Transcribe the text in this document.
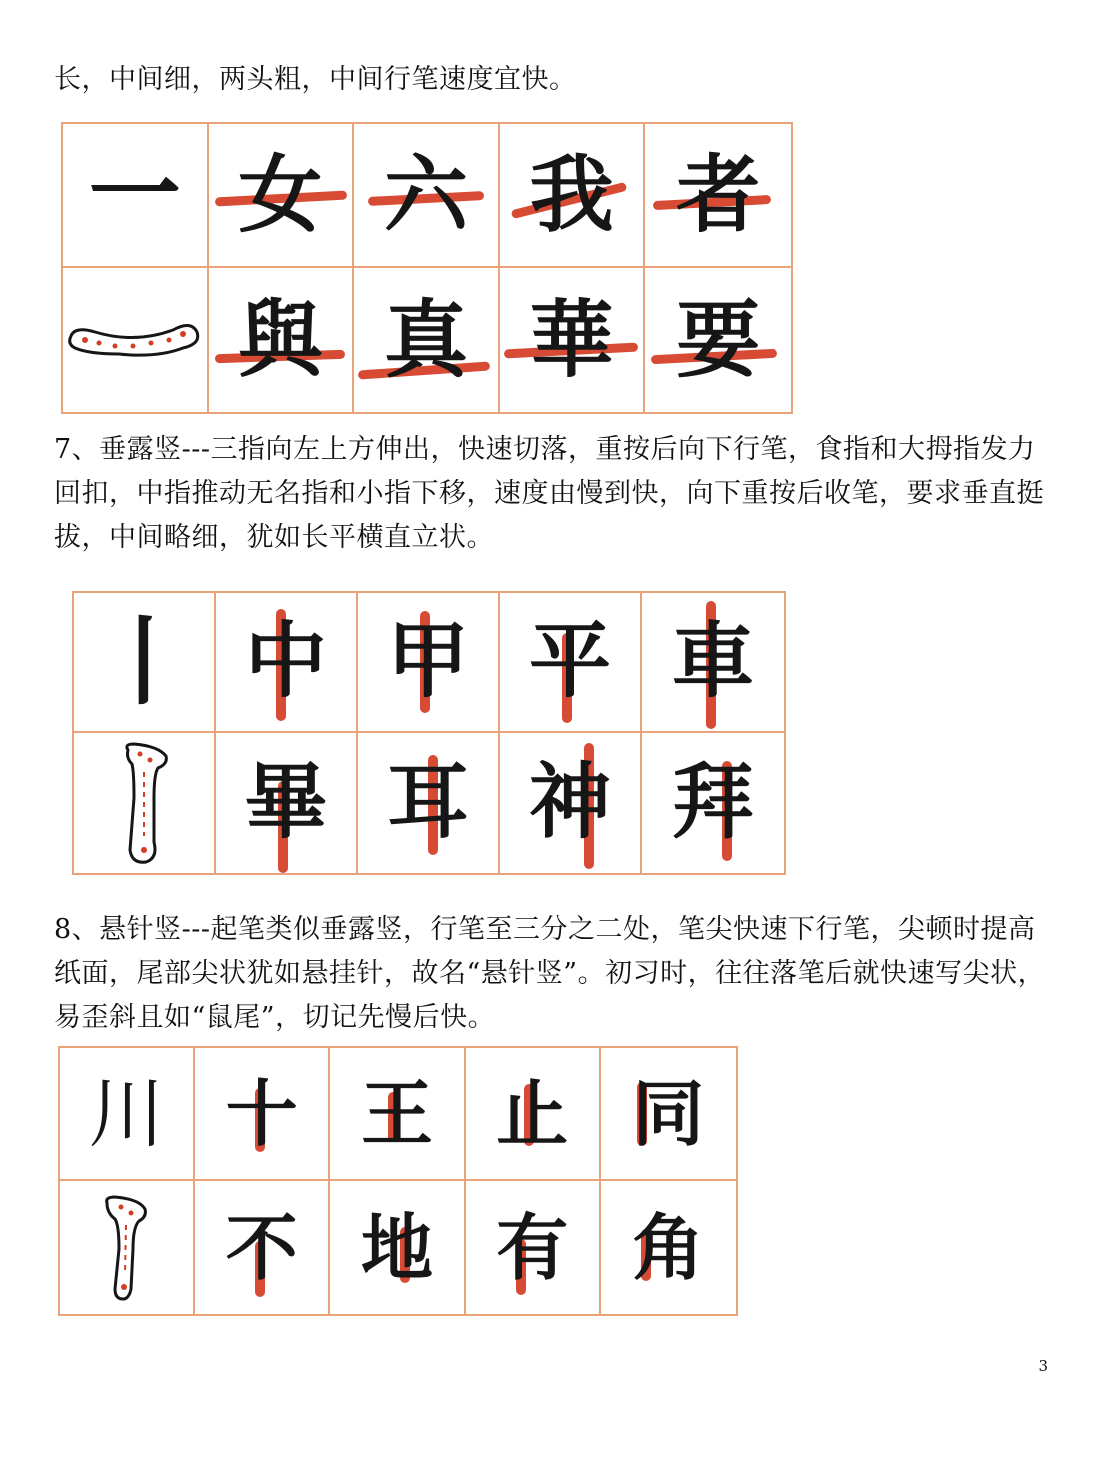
长，中间细，两头粗，中间行笔速度宜快。

一 女 六 我 者
與 真 華 要

7、垂露竖---三指向左上方伸出，快速切落，重按后向下行笔，食指和大拇指发力回扣，中指推动无名指和小指下移，速度由慢到快，向下重按后收笔，要求垂直挺拔，中间略细，犹如长平横直立状。

丨 中 甲 平 車
畢 耳 神 拜

8、悬针竖---起笔类似垂露竖，行笔至三分之二处，笔尖快速下行笔，尖顿时提高纸面，尾部尖状犹如悬挂针，故名“悬针竖”。初习时，往往落笔后就快速写尖状，易歪斜且如“鼠尾”，切记先慢后快。

川 十 王 止 同
不 地 有 角
3
